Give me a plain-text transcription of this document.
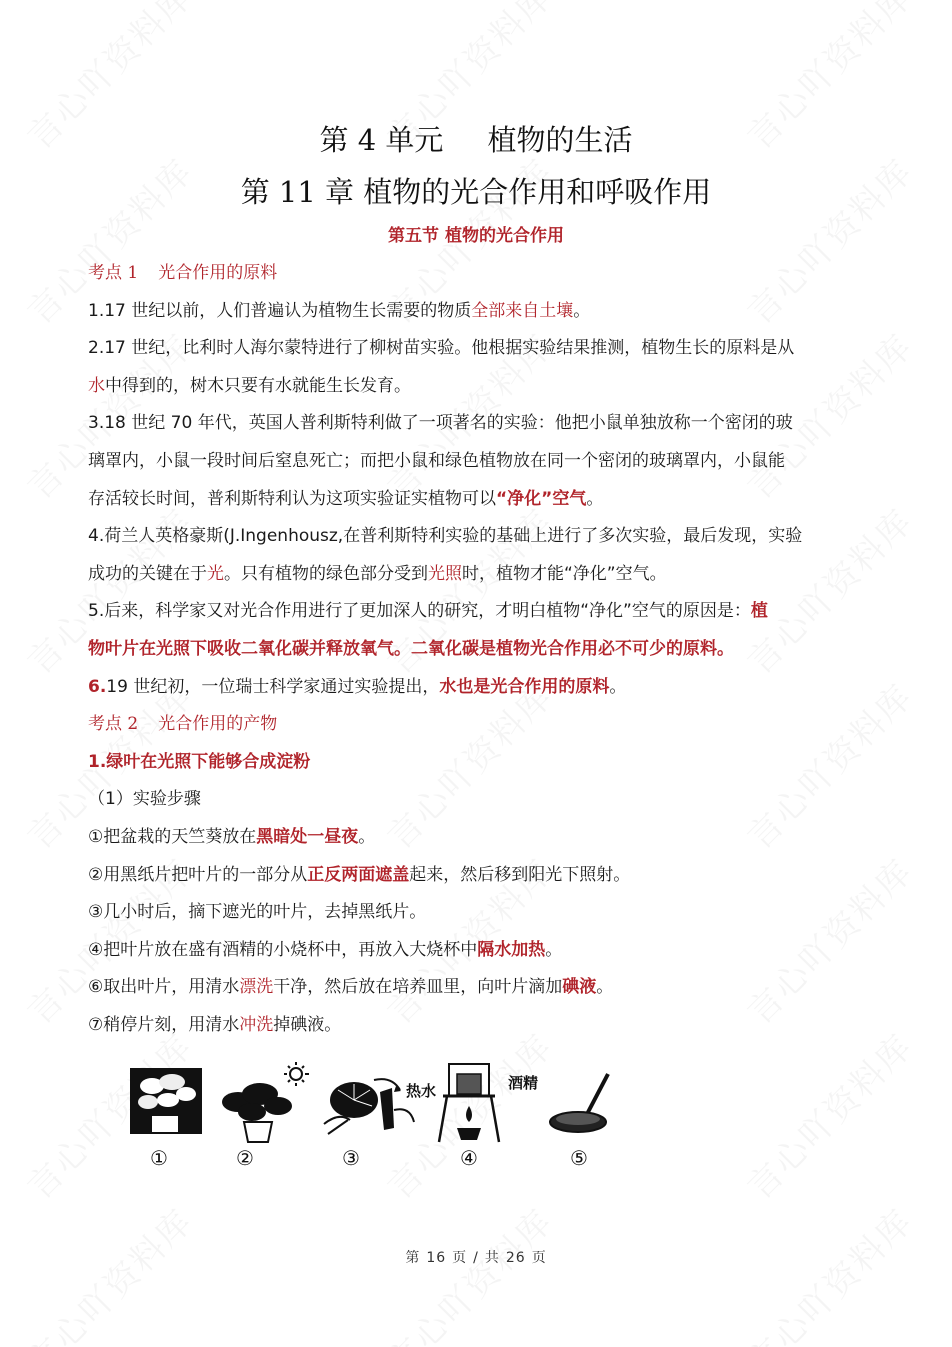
第 4 单元 植物的生活
第 11 章 植物的光合作用和呼吸作用
第五节 植物的光合作用

考点 1 光合作用的原料

1.17 世纪以前，人们普遍认为植物生长需要的物质全部来自土壤。

2.17 世纪，比利时人海尔蒙特进行了柳树苗实验。他根据实验结果推测，植物生长的原料是从

水中得到的，树木只要有水就能生长发育。

3.18 世纪 70 年代，英国人普利斯特利做了一项著名的实验：他把小鼠单独放称一个密闭的玻

璃罩内，小鼠一段时间后窒息死亡；而把小鼠和绿色植物放在同一个密闭的玻璃罩内，小鼠能

存活较长时间，普利斯特利认为这项实验证实植物可以“净化”空气。

4.荷兰人英格豪斯(J.Ingenhousz,在普利斯特利实验的基础上进行了多次实验，最后发现，实验

成功的关键在于光。只有植物的绿色部分受到光照时，植物才能“净化”空气。

5.后来，科学家又对光合作用进行了更加深人的研究，才明白植物“净化”空气的原因是：植

物叶片在光照下吸收二氧化碳并释放氧气。二氧化碳是植物光合作用必不可少的原料。

6.19 世纪初，一位瑞士科学家通过实验提出，水也是光合作用的原料。

考点 2 光合作用的产物

1.绿叶在光照下能够合成淀粉

（1）实验步骤

①把盆栽的天竺葵放在黑暗处一昼夜。

②用黑纸片把叶片的一部分从正反两面遮盖起来，然后移到阳光下照射。

③几小时后，摘下遮光的叶片，去掉黑纸片。

④把叶片放在盛有酒精的小烧杯中，再放入大烧杯中隔水加热。

⑥取出叶片，用清水漂洗干净，然后放在培养皿里，向叶片滴加碘液。

⑦稍停片刻，用清水冲洗掉碘液。

热水	酒精
①	②	③	④	⑤
第 16 页 / 共 26 页
